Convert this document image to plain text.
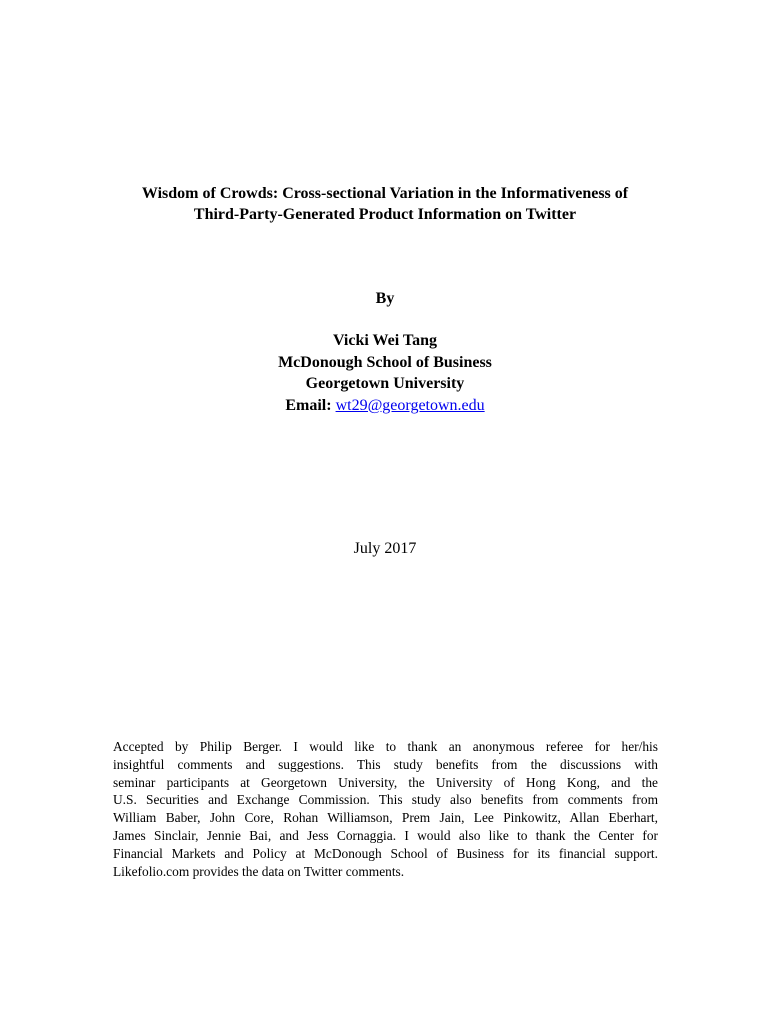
Wisdom of Crowds: Cross-sectional Variation in the Informativeness of
Third-Party-Generated Product Information on Twitter
By
Vicki Wei Tang
McDonough School of Business
Georgetown University
Email: wt29@georgetown.edu
July 2017
Accepted by Philip Berger. I would like to thank an anonymous referee for her/his
insightful comments and suggestions. This study benefits from the discussions with
seminar participants at Georgetown University, the University of Hong Kong, and the
U.S. Securities and Exchange Commission. This study also benefits from comments from
William Baber, John Core, Rohan Williamson, Prem Jain, Lee Pinkowitz, Allan Eberhart,
James Sinclair, Jennie Bai, and Jess Cornaggia. I would also like to thank the Center for
Financial Markets and Policy at McDonough School of Business for its financial support.
Likefolio.com provides the data on Twitter comments.
